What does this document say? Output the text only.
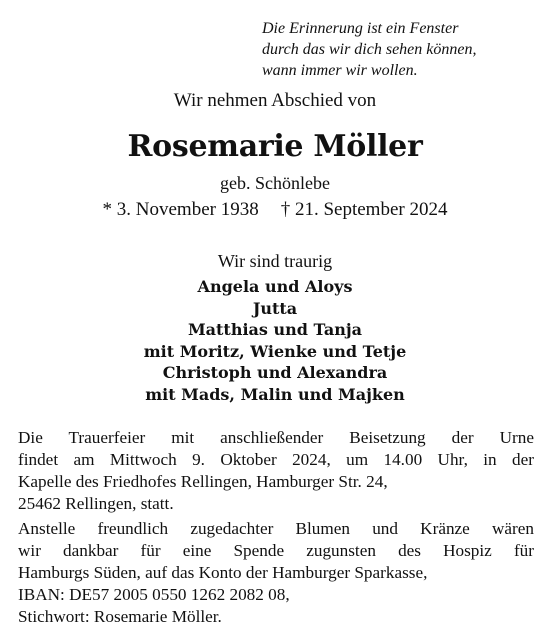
Die Erinnerung ist ein Fenster
durch das wir dich sehen können,
wann immer wir wollen.
Wir nehmen Abschied von
Rosemarie Möller
geb. Schönlebe
* 3. November 1938 † 21. September 2024
Wir sind traurig
Angela und Aloys
Jutta
Matthias und Tanja
mit Moritz, Wienke und Tetje
Christoph und Alexandra
mit Mads, Malin und Majken
Die Trauerfeier mit anschließender Beisetzung der Urne
findet am Mittwoch 9. Oktober 2024, um 14.00 Uhr, in der
Kapelle des Friedhofes Rellingen, Hamburger Str. 24,
25462 Rellingen, statt.
Anstelle freundlich zugedachter Blumen und Kränze wären
wir dankbar für eine Spende zugunsten des Hospiz für
Hamburgs Süden, auf das Konto der Hamburger Sparkasse,
IBAN: DE57 2005 0550 1262 2082 08,
Stichwort: Rosemarie Möller.
